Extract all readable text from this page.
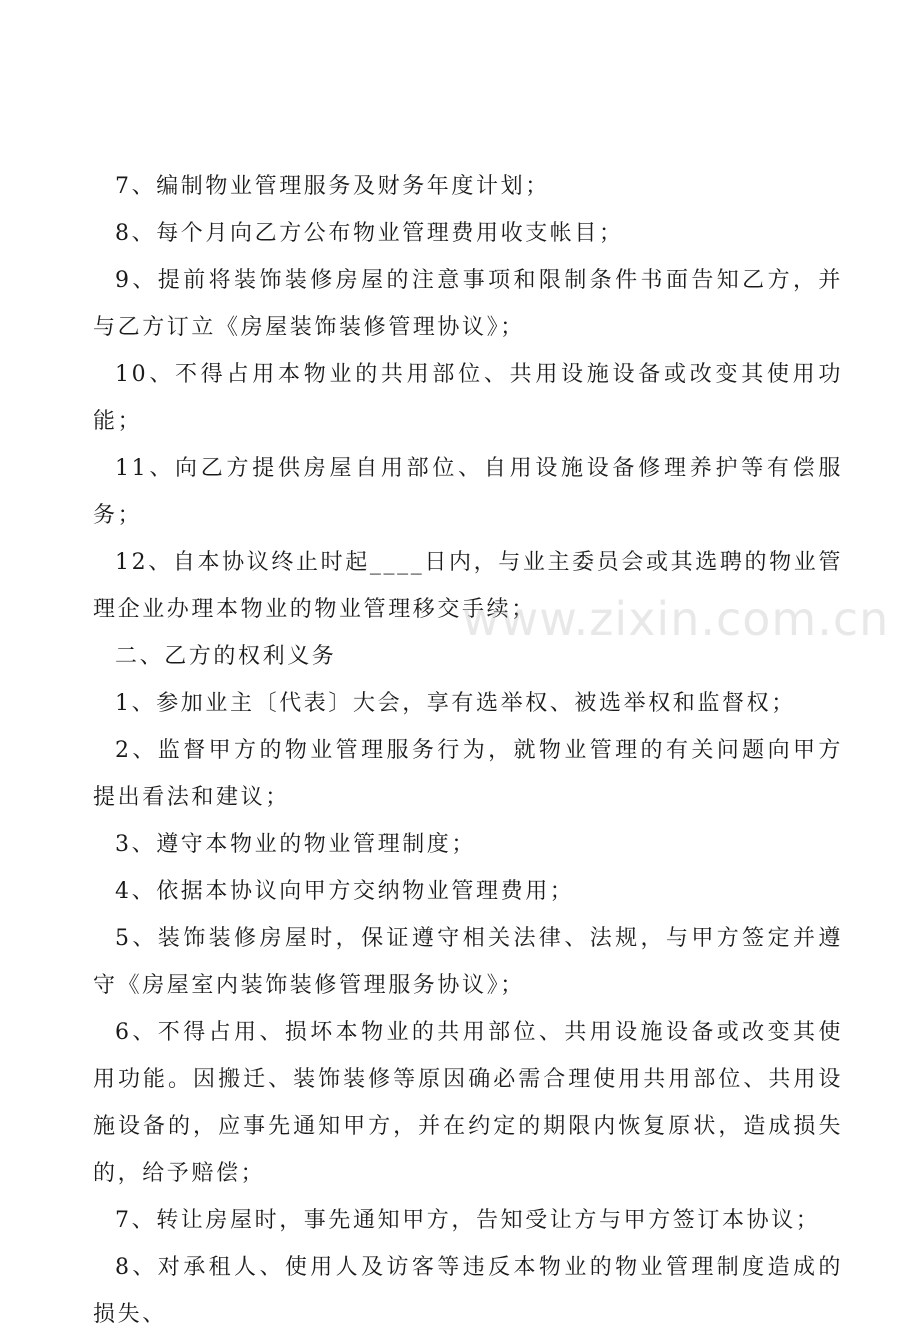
7、编制物业管理服务及财务年度计划；

8、每个月向乙方公布物业管理费用收支帐目；

9、提前将装饰装修房屋的注意事项和限制条件书面告知乙方，并与乙方订立《房屋装饰装修管理协议》；

10、不得占用本物业的共用部位、共用设施设备或改变其使用功能；

11、向乙方提供房屋自用部位、自用设施设备修理养护等有偿服务；

12、自本协议终止时起____日内，与业主委员会或其选聘的物业管理企业办理本物业的物业管理移交手续；

二、乙方的权利义务

1、参加业主〔代表〕大会，享有选举权、被选举权和监督权；

2、监督甲方的物业管理服务行为，就物业管理的有关问题向甲方提出看法和建议；

3、遵守本物业的物业管理制度；

4、依据本协议向甲方交纳物业管理费用；

5、装饰装修房屋时，保证遵守相关法律、法规，与甲方签定并遵守《房屋室内装饰装修管理服务协议》；

6、不得占用、损坏本物业的共用部位、共用设施设备或改变其使用功能。因搬迁、装饰装修等原因确必需合理使用共用部位、共用设施设备的，应事先通知甲方，并在约定的期限内恢复原状，造成损失的，给予赔偿；

7、转让房屋时，事先通知甲方，告知受让方与甲方签订本协议；

8、对承租人、使用人及访客等违反本物业的物业管理制度造成的损失、

www.zixin.com.cn
